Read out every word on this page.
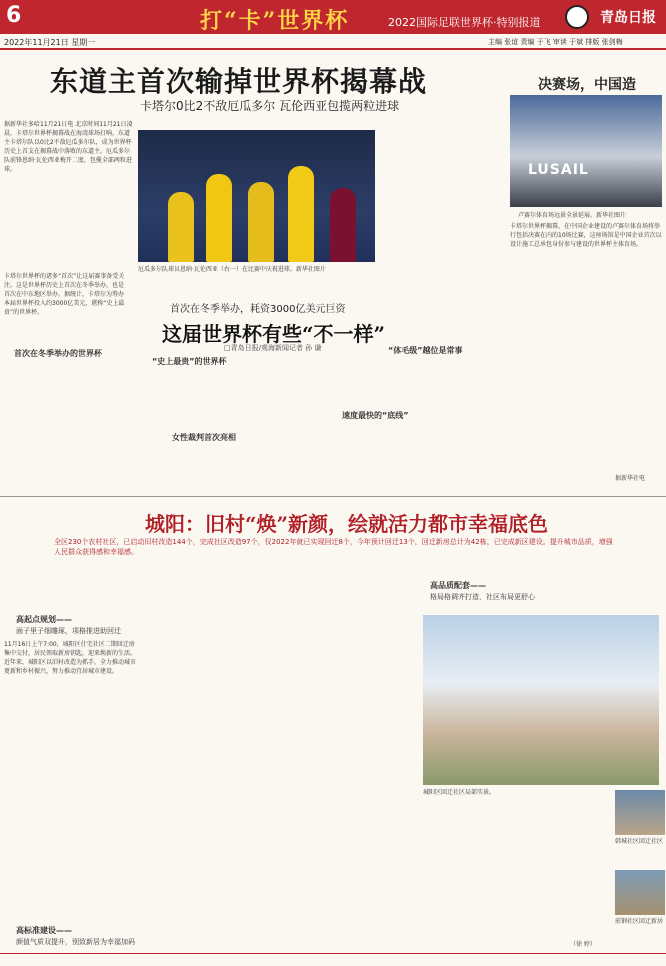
6	打“卡”世界杯	2022国际足联世界杯·特别报道	青岛日报
2022年11月21日 星期一	主编 张谊 责编 于飞 审读 于斌 排版 张剑梅
东道主首次输掉世界杯揭幕战
卡塔尔0比2不敌厄瓜多尔 瓦伦西亚包揽两粒进球
据新华社多哈11月21日电 北京时间11月21日凌晨，卡塔尔世界杯揭幕战在海湾球场打响，东道主卡塔尔队以0比2不敌厄瓜多尔队，成为世界杯历史上首支在揭幕战中落败的东道主。厄瓜多尔队前锋恩纳·瓦伦西亚梅开二度，包揽全部两粒进球。
厄瓜多尔队球员恩纳·瓦伦西亚（右一）在比赛中庆祝进球。新华社图片
决赛场，中国造
LUSAIL
卢赛尔体育场远景全景延展。新华社图片
卡塔尔世界杯揭幕，在中国企业建设的卢赛尔体育场将举行包括决赛在内的10场比赛，这座场馆是中国企业首次以设计施工总承包身份参与建设的世界杯主体育场。
据新华社电
卡塔尔世界杯的诸多“首次”让这届赛事备受关注。这是世界杯历史上首次在冬季举办，也是首次在中东地区举办。据统计，卡塔尔为筹办本届世界杯投入约3000亿美元，堪称“史上最贵”的世界杯。
首次在冬季举办的世界杯
首次在冬季举办，耗资3000亿美元巨资
这届世界杯有些“不一样”
□青岛日报/观海新闻记者 孙 谦
“史上最贵”的世界杯
女性裁判首次亮相
速度最快的“底线”
“体毛级”越位是常事
城阳：旧村“焕”新颜，绘就活力都市幸福底色
全区230个农村社区，已启动旧村改造144个，完成社区改造97个，仅2022年就已实现回迁8个，今年预计回迁13个，回迁新房总计为42栋，已完成新区建设。提升城市品质，增强人民群众获得感和幸福感。
高起点规划——
面子里子细雕琢，项格推进助回迁
11月16日上午7:00，城阳区仕宅社区二期回迁房集中交付，居民领取新房钥匙，迎来焕新的生活。近年来，城阳区以旧村改造为抓手，全力推动城市更新和乡村振兴，努力推动宜居城市建设。
高标准建设——
颜值气质双提升，别致新居为幸福加码
高品质配套——
格局格调齐打造，社区布局更舒心
城阳区回迁社区局部实景。
韩城社区回迁社区
前钢社区回迁新居
（徐 婷）
